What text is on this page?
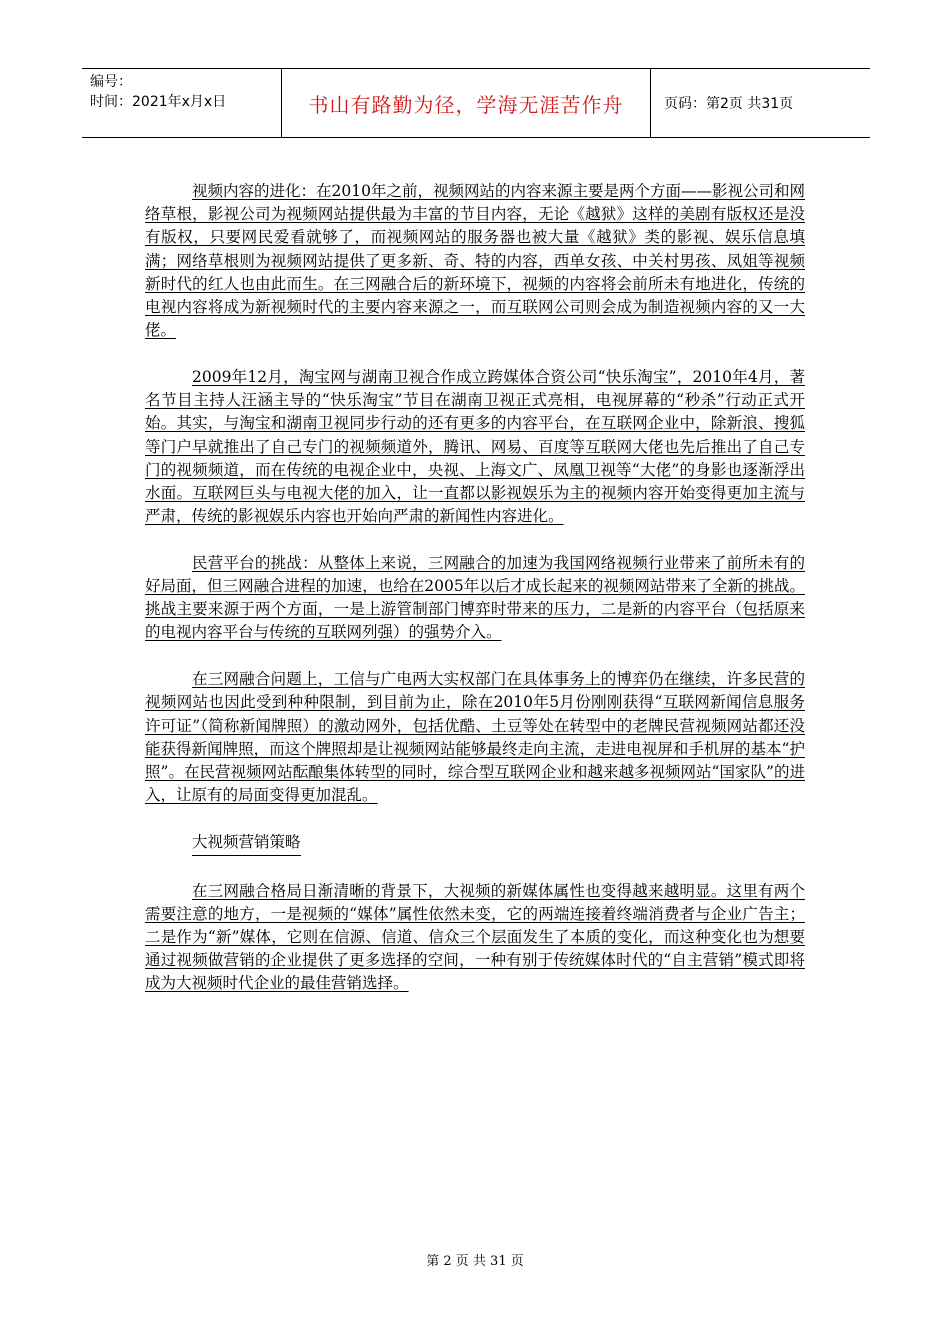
编号：
时间：2021年x月x日	书山有路勤为径，学海无涯苦作舟	页码：第2页 共31页

视频内容的进化：在2010年之前，视频网站的内容来源主要是两个方面——影视公司和网络草根，影视公司为视频网站提供最为丰富的节目内容，无论《越狱》这样的美剧有版权还是没有版权，只要网民爱看就够了，而视频网站的服务器也被大量《越狱》类的影视、娱乐信息填满；网络草根则为视频网站提供了更多新、奇、特的内容，西单女孩、中关村男孩、凤姐等视频新时代的红人也由此而生。在三网融合后的新环境下，视频的内容将会前所未有地进化，传统的电视内容将成为新视频时代的主要内容来源之一，而互联网公司则会成为制造视频内容的又一大佬。

2009年12月，淘宝网与湖南卫视合作成立跨媒体合资公司“快乐淘宝”，2010年4月，著名节目主持人汪涵主导的“快乐淘宝”节目在湖南卫视正式亮相，电视屏幕的“秒杀”行动正式开始。其实，与淘宝和湖南卫视同步行动的还有更多的内容平台，在互联网企业中，除新浪、搜狐等门户早就推出了自己专门的视频频道外，腾讯、网易、百度等互联网大佬也先后推出了自己专门的视频频道，而在传统的电视企业中，央视、上海文广、凤凰卫视等“大佬”的身影也逐渐浮出水面。互联网巨头与电视大佬的加入，让一直都以影视娱乐为主的视频内容开始变得更加主流与严肃，传统的影视娱乐内容也开始向严肃的新闻性内容进化。

民营平台的挑战：从整体上来说，三网融合的加速为我国网络视频行业带来了前所未有的好局面，但三网融合进程的加速，也给在2005年以后才成长起来的视频网站带来了全新的挑战。挑战主要来源于两个方面，一是上游管制部门博弈时带来的压力，二是新的内容平台（包括原来的电视内容平台与传统的互联网列强）的强势介入。

在三网融合问题上，工信与广电两大实权部门在具体事务上的博弈仍在继续，许多民营的视频网站也因此受到种种限制，到目前为止，除在2010年5月份刚刚获得“互联网新闻信息服务许可证”（简称新闻牌照）的激动网外，包括优酷、土豆等处在转型中的老牌民营视频网站都还没能获得新闻牌照，而这个牌照却是让视频网站能够最终走向主流，走进电视屏和手机屏的基本“护照”。在民营视频网站酝酿集体转型的同时，综合型互联网企业和越来越多视频网站“国家队”的进入，让原有的局面变得更加混乱。

大视频营销策略

在三网融合格局日渐清晰的背景下，大视频的新媒体属性也变得越来越明显。这里有两个需要注意的地方，一是视频的“媒体”属性依然未变，它的两端连接着终端消费者与企业广告主；二是作为“新”媒体，它则在信源、信道、信众三个层面发生了本质的变化，而这种变化也为想要通过视频做营销的企业提供了更多选择的空间，一种有别于传统媒体时代的“自主营销”模式即将成为大视频时代企业的最佳营销选择。

第 2 页 共 31 页
